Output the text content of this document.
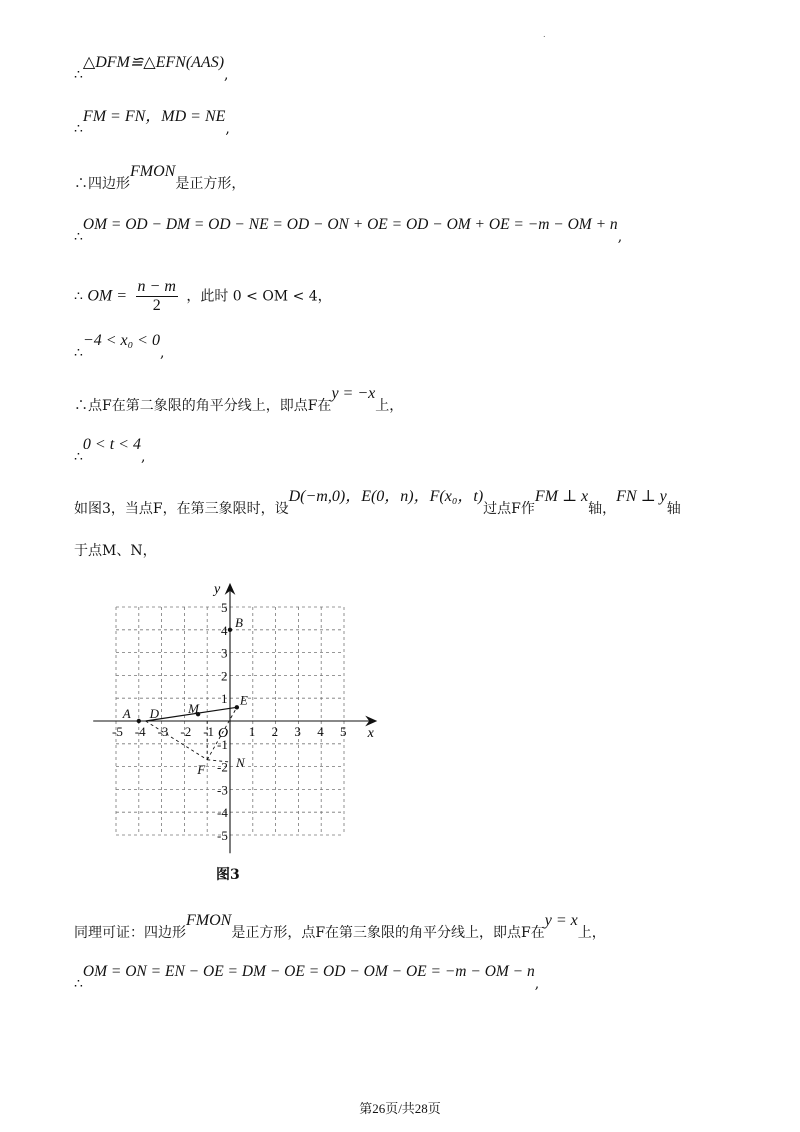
.
∴△DFM≌△EFN(AAS),
∴FM = FN，MD = NE,
∴四边形FMON是正方形，
∴OM = OD − DM = OD − NE = OD − ON + OE = OD − OM + OE = −m − OM + n,
∴ OM = $\frac{n - m}{2}$ ，此时 0 < OM < 4，
∴−4 < x₀ < 0,
∴点F在第二象限的角平分线上，即点F在y = −x上，
∴0 < t < 4,
如图3，当点F，在第三象限时，设D(−m,0)，E(0，n)，F(x₀，t)过点F作FM ⊥ x轴，FN ⊥ y轴
于点M、N，
-5 -4 -3 -2 -1	1 2 3 4 5
5
4
3
2
1
-1
-2
-3
-4
-5
A D M
E
B
F N
x
y
O
图3
同理可证：四边形FMON是正方形，点F在第三象限的角平分线上，即点F在y = x上，
∴OM = ON = EN − OE = DM − OE = OD − OM − OE = −m − OM − n,
第26页/共28页
